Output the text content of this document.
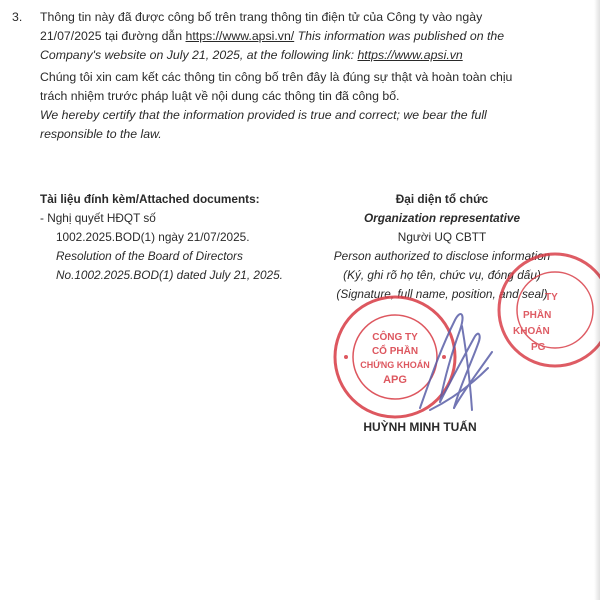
3. Thông tin này đã được công bố trên trang thông tin điện tử của Công ty vào ngày
21/07/2025 tại đường dẫn https://www.apsi.vn/ This information was published on the
Company's website on July 21, 2025, at the following link: https://www.apsi.vn
Chúng tôi xin cam kết các thông tin công bố trên đây là đúng sự thật và hoàn toàn chịu
trách nhiệm trước pháp luật về nội dung các thông tin đã công bố.
We hereby certify that the information provided is true and correct; we bear the full
responsible to the law.
Tài liệu đính kèm/Attached documents:
- Nghị quyết HĐQT số
1002.2025.BOD(1) ngày 21/07/2025.
Resolution of the Board of Directors
No.1002.2025.BOD(1) dated July 21, 2025.
Đại diện tổ chức
Organization representative
Người UQ CBTT
Person authorized to disclose information
(Ký, ghi rõ họ tên, chức vụ, đóng dấu)
(Signature, full name, position, and seal)
TY
PHẦN
KHOÁN
PG
CÔNG TY
CỔ PHẦN
CHỨNG KHOÁN
APG
HUỲNH MINH TUẤN
